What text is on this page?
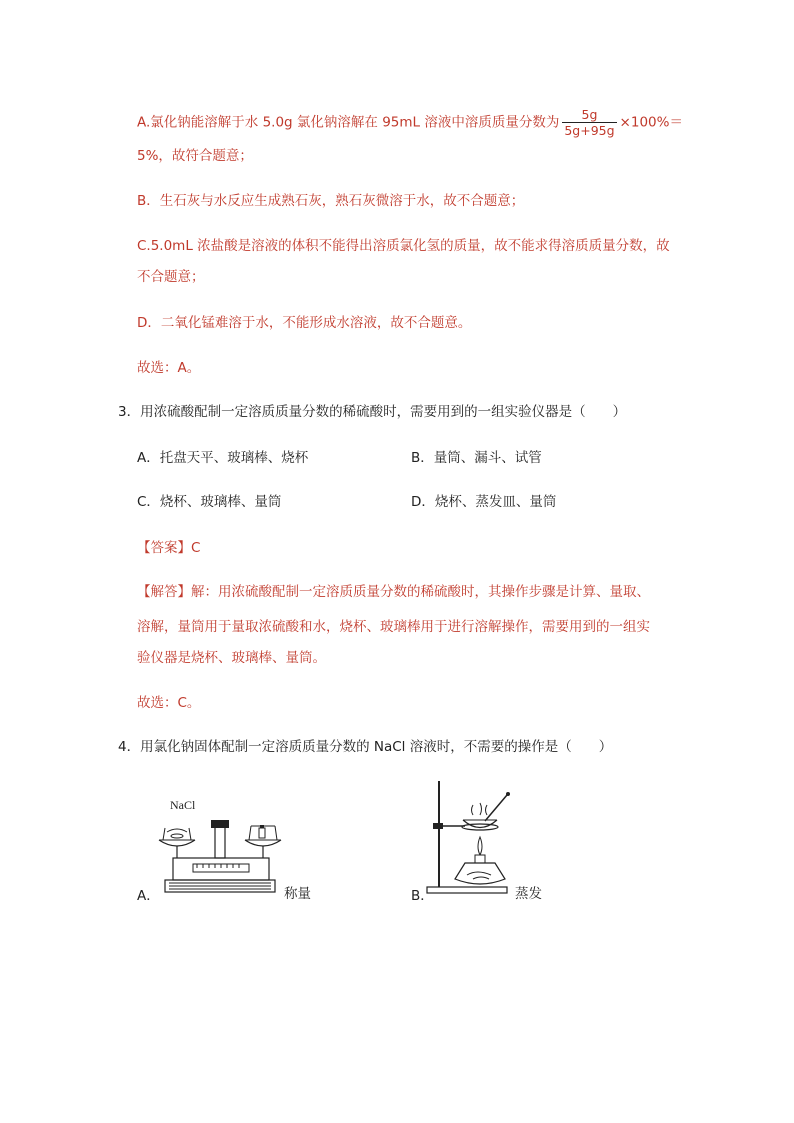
A.氯化钠能溶解于水 5.0g 氯化钠溶解在 95mL 溶液中溶质质量分数为 $\frac{5g}{5g+95g} \times 100\%=$
5%，故符合题意；
B．生石灰与水反应生成熟石灰，熟石灰微溶于水，故不合题意；
C.5.0mL 浓盐酸是溶液的体积不能得出溶质氯化氢的质量，故不能求得溶质质量分数，故
不合题意；
D．二氧化锰难溶于水，不能形成水溶液，故不合题意。
故选：A。
3．用浓硫酸配制一定溶质质量分数的稀硫酸时，需要用到的一组实验仪器是（　　）
A．托盘天平、玻璃棒、烧杯	B．量筒、漏斗、试管
C．烧杯、玻璃棒、量筒	D．烧杯、蒸发皿、量筒
【答案】C
【解答】解：用浓硫酸配制一定溶质质量分数的稀硫酸时，其操作步骤是计算、量取、
溶解，量筒用于量取浓硫酸和水，烧杯、玻璃棒用于进行溶解操作，需要用到的一组实
验仪器是烧杯、玻璃棒、量筒。
故选：C。
4．用氯化钠固体配制一定溶质质量分数的 NaCl 溶液时，不需要的操作是（　　）
A．
NaCl
称量	B．	蒸发
